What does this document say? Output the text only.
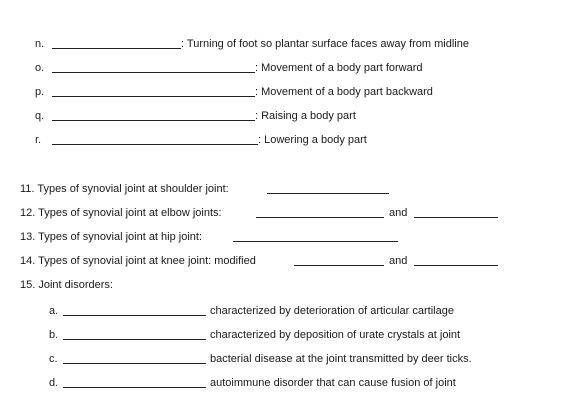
n.	: Turning of foot so plantar surface faces away from midline
o.	: Movement of a body part forward
p.	: Movement of a body part backward
q.	: Raising a body part
r.	: Lowering a body part
11. Types of synovial joint at shoulder joint:
12. Types of synovial joint at elbow joints:	and
13. Types of synovial joint at hip joint:
14. Types of synovial joint at knee joint: modified	and
15. Joint disorders:
a.	characterized by deterioration of articular cartilage
b.	characterized by deposition of urate crystals at joint
c.	bacterial disease at the joint transmitted by deer ticks.
d.	autoimmune disorder that can cause fusion of joint
